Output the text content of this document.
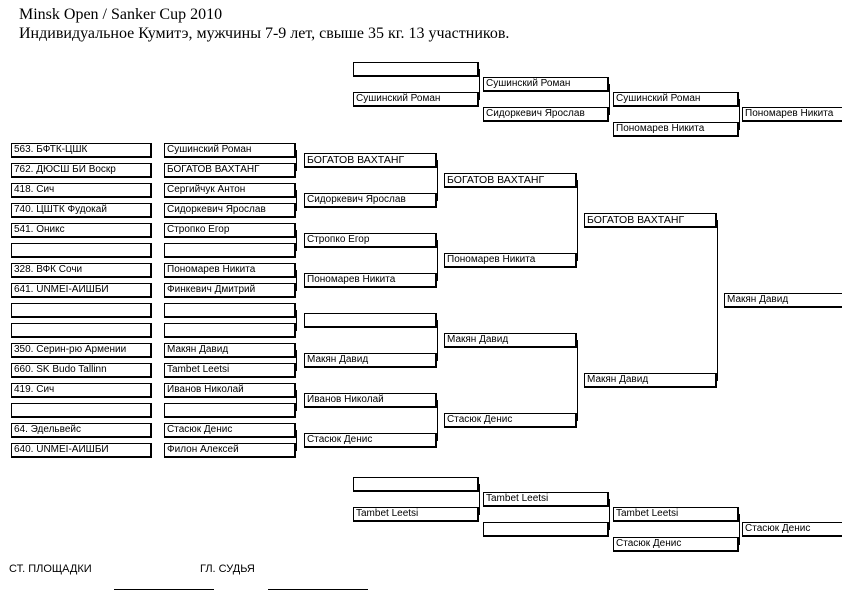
Minsk Open / Sanker Cup 2010
Индивидуальное Кумитэ, мужчины 7-9 лет, свыше 35 кг. 13 участников.
563. БФТК-ЦШК
762. ДЮСШ БИ Воскр
418. Сич
740. ЦШТК Фудокай
541. Оникс
328. ВФК Сочи
641. UNMEI-АИШБИ
350. Серин-рю Армении
660. SK Budo Tallinn
419. Сич
64. Эдельвейс
640. UNMEI-АИШБИ
Сушинский Роман
БОГАТОВ ВАХТАНГ
Сергийчук Антон
Сидоркевич Ярослав
Стропко Егор
Пономарев Никита
Финкевич Дмитрий
Макян Давид
Tambet Leetsi
Иванов Николай
Стасюк Денис
Филон Алексей
БОГАТОВ ВАХТАНГ
Сидоркевич Ярослав
Стропко Егор
Пономарев Никита
Макян Давид
Иванов Николай
Стасюк Денис
БОГАТОВ ВАХТАНГ
Пономарев Никита
Макян Давид
Стасюк Денис
БОГАТОВ ВАХТАНГ
Макян Давид
Макян Давид
Сушинский Роман
Сушинский Роман
Сидоркевич Ярослав
Сушинский Роман
Пономарев Никита
Пономарев Никита
Tambet Leetsi
Tambet Leetsi
Tambet Leetsi
Стасюк Денис
Стасюк Денис
СТ. ПЛОЩАДКИ	ГЛ. СУДЬЯ
